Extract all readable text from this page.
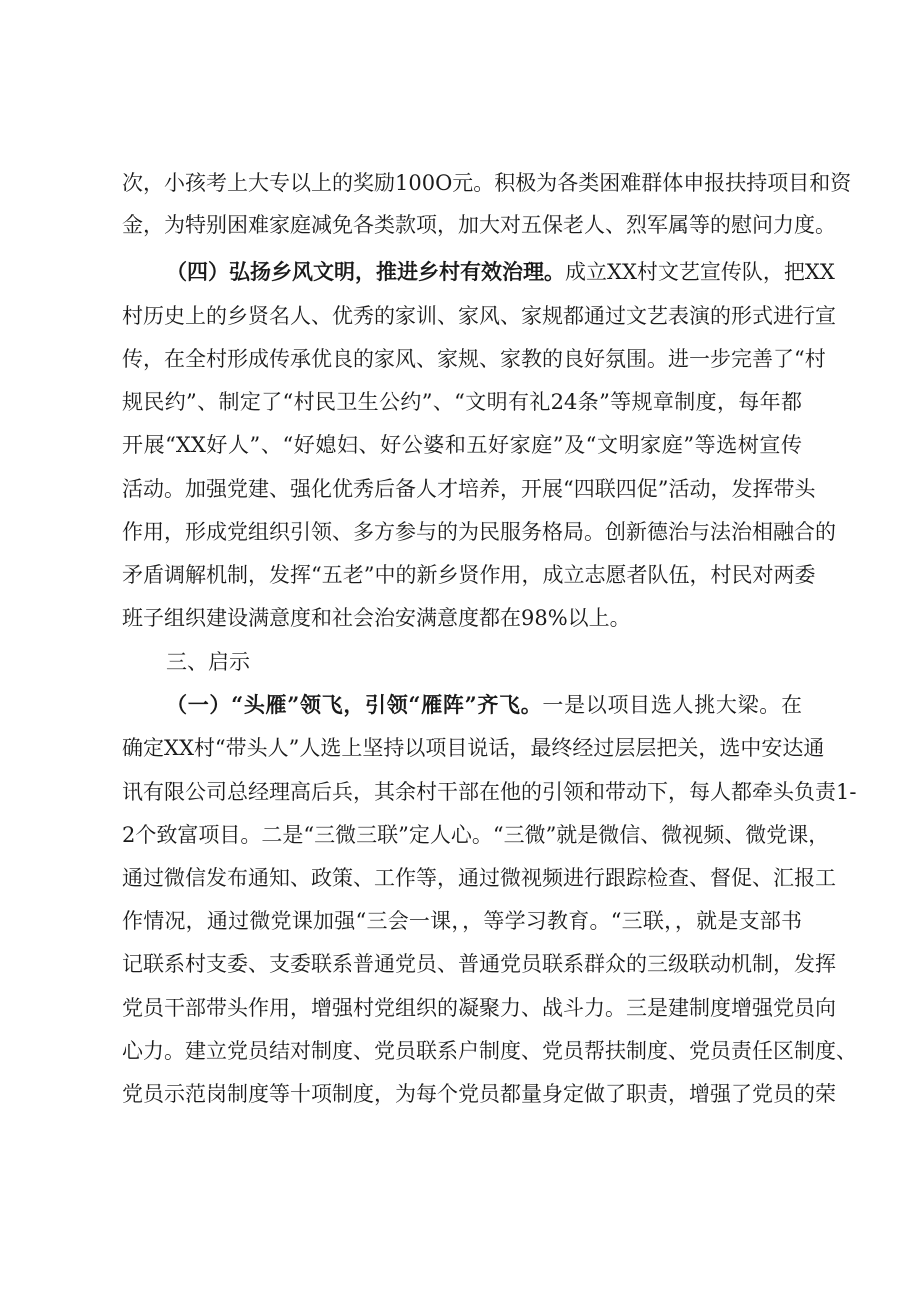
次，小孩考上大专以上的奖励100O元。积极为各类困难群体申报扶持项目和资
金，为特别困难家庭减免各类款项，加大对五保老人、烈军属等的慰问力度。
（四）弘扬乡风文明，推进乡村有效治理。成立XX村文艺宣传队，把XX
村历史上的乡贤名人、优秀的家训、家风、家规都通过文艺表演的形式进行宣
传，在全村形成传承优良的家风、家规、家教的良好氛围。进一步完善了“村
规民约”、制定了“村民卫生公约”、“文明有礼24条”等规章制度，每年都
开展“XX好人”、“好媳妇、好公婆和五好家庭”及“文明家庭”等选树宣传
活动。加强党建、强化优秀后备人才培养，开展“四联四促”活动，发挥带头
作用，形成党组织引领、多方参与的为民服务格局。创新德治与法治相融合的
矛盾调解机制，发挥“五老”中的新乡贤作用，成立志愿者队伍，村民对两委
班子组织建设满意度和社会治安满意度都在98%以上。
三、启示
（一）“头雁”领飞，引领“雁阵”齐飞。一是以项目选人挑大梁。在
确定XX村“带头人”人选上坚持以项目说话，最终经过层层把关，选中安达通
讯有限公司总经理高后兵，其余村干部在他的引领和带动下，每人都牵头负责1-
2个致富项目。二是“三微三联”定人心。“三微”就是微信、微视频、微党课，
通过微信发布通知、政策、工作等，通过微视频进行跟踪检查、督促、汇报工
作情况，通过微党课加强“三会一课，，等学习教育。“三联，，就是支部书
记联系村支委、支委联系普通党员、普通党员联系群众的三级联动机制，发挥
党员干部带头作用，增强村党组织的凝聚力、战斗力。三是建制度增强党员向
心力。建立党员结对制度、党员联系户制度、党员帮扶制度、党员责任区制度、
党员示范岗制度等十项制度，为每个党员都量身定做了职责，增强了党员的荣
